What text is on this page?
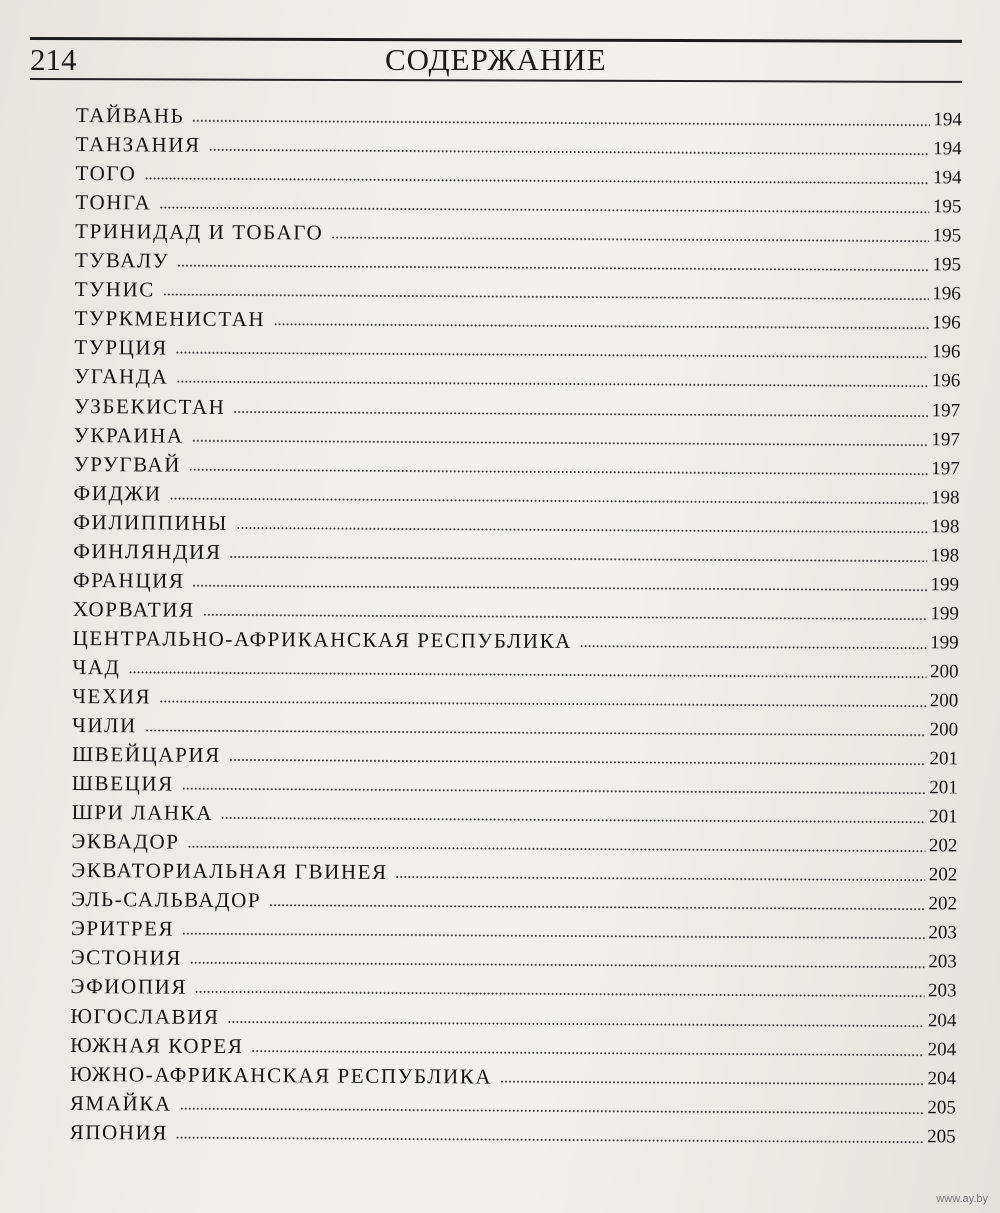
214	СОДЕРЖАНИЕ
ТАЙВАНЬ	194
ТАНЗАНИЯ	194
ТОГО	194
ТОНГА	195
ТРИНИДАД И ТОБАГО	195
ТУВАЛУ	195
ТУНИС	196
ТУРКМЕНИСТАН	196
ТУРЦИЯ	196
УГАНДА	196
УЗБЕКИСТАН	197
УКРАИНА	197
УРУГВАЙ	197
ФИДЖИ	198
ФИЛИППИНЫ	198
ФИНЛЯНДИЯ	198
ФРАНЦИЯ	199
ХОРВАТИЯ	199
ЦЕНТРАЛЬНО-АФРИКАНСКАЯ РЕСПУБЛИКА	199
ЧАД	200
ЧЕХИЯ	200
ЧИЛИ	200
ШВЕЙЦАРИЯ	201
ШВЕЦИЯ	201
ШРИ ЛАНКА	201
ЭКВАДОР	202
ЭКВАТОРИАЛЬНАЯ ГВИНЕЯ	202
ЭЛЬ-САЛЬВАДОР	202
ЭРИТРЕЯ	203
ЭСТОНИЯ	203
ЭФИОПИЯ	203
ЮГОСЛАВИЯ	204
ЮЖНАЯ КОРЕЯ	204
ЮЖНО-АФРИКАНСКАЯ РЕСПУБЛИКА	204
ЯМАЙКА	205
ЯПОНИЯ	205
www.ay.by
